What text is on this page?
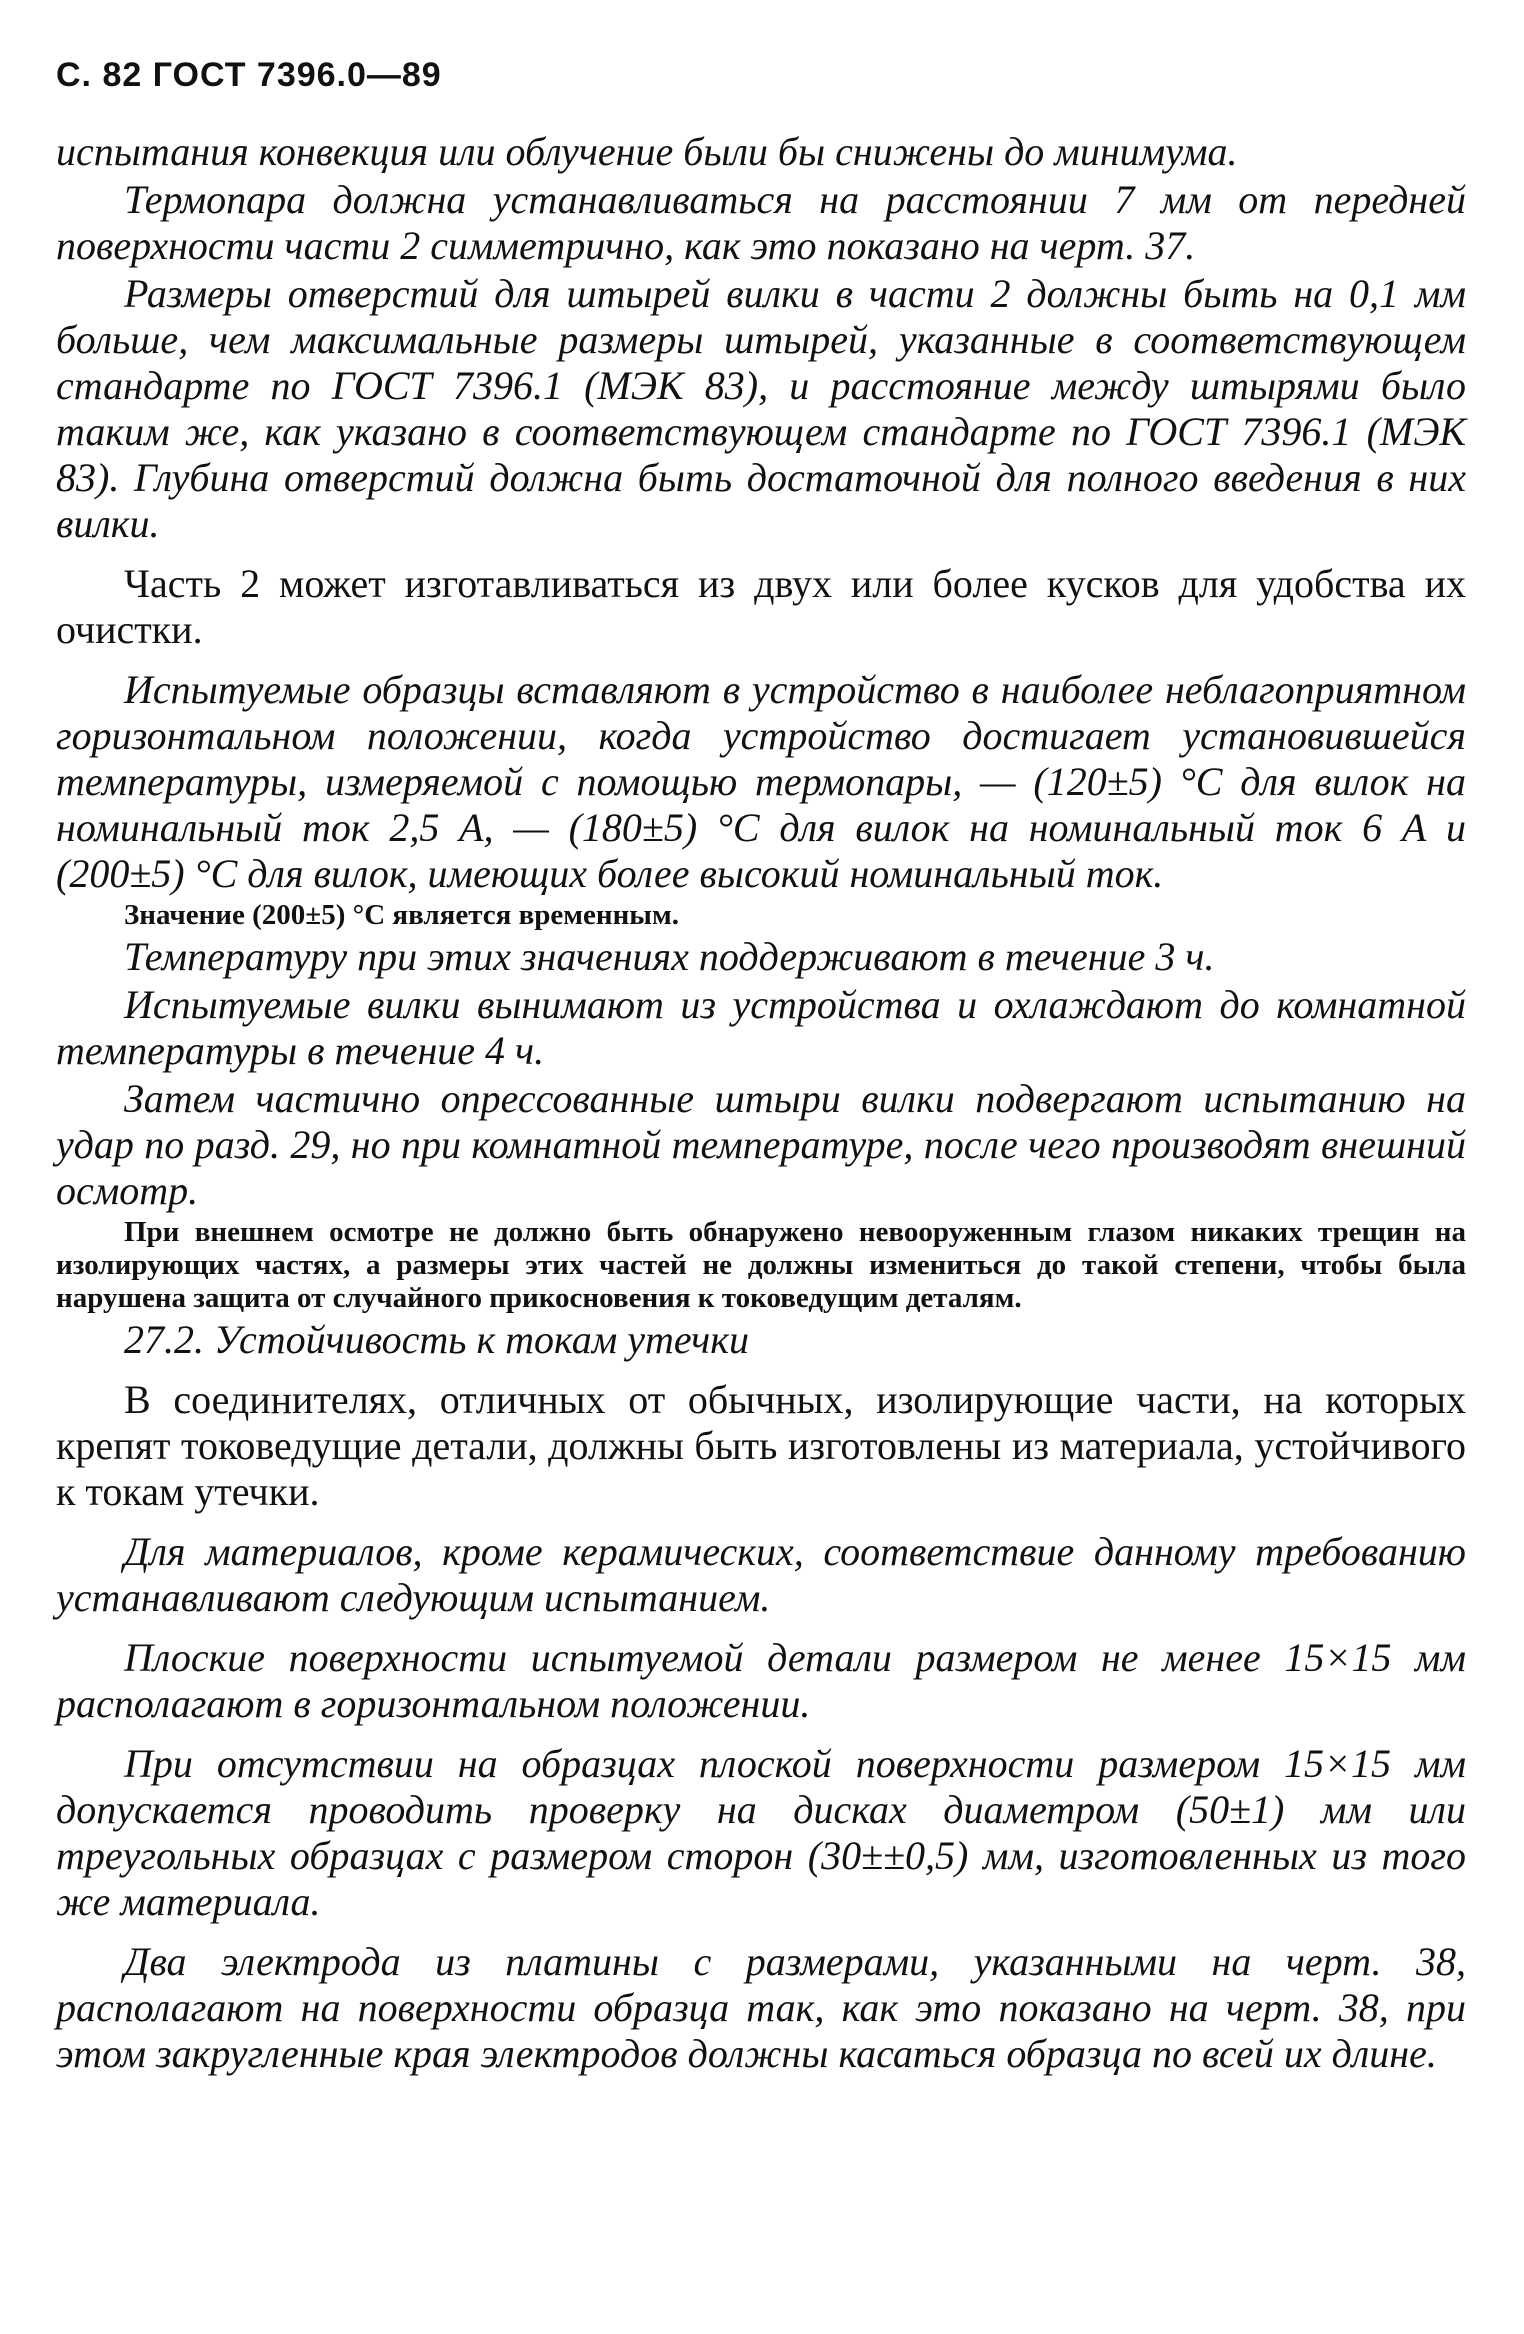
С. 82 ГОСТ 7396.0—89

испытания конвекция или облучение были бы снижены до минимума.

Термопара должна устанавливаться на расстоянии 7 мм от передней поверхности части 2 симметрично, как это показано на черт. 37.

Размеры отверстий для штырей вилки в части 2 должны быть на 0,1 мм больше, чем максимальные размеры штырей, указанные в соответствующем стандарте по ГОСТ 7396.1 (МЭК 83), и расстояние между штырями было таким же, как указано в соответствующем стандарте по ГОСТ 7396.1 (МЭК 83). Глубина отверстий должна быть достаточной для полного введения в них вилки.

Часть 2 может изготавливаться из двух или более кусков для удобства их очистки.

Испытуемые образцы вставляют в устройство в наиболее неблагоприятном горизонтальном положении, когда устройство достигает установившейся температуры, измеряемой с помощью термопары, — (120±5) °С для вилок на номинальный ток 2,5 А, — (180±5) °С для вилок на номинальный ток 6 А и (200±5) °С для вилок, имеющих более высокий номинальный ток.

Значение (200±5) °С является временным.

Температуру при этих значениях поддерживают в течение 3 ч.

Испытуемые вилки вынимают из устройства и охлаждают до комнатной температуры в течение 4 ч.

Затем частично опрессованные штыри вилки подвергают испытанию на удар по разд. 29, но при комнатной температуре, после чего производят внешний осмотр.

При внешнем осмотре не должно быть обнаружено невооруженным глазом никаких трещин на изолирующих частях, а размеры этих частей не должны измениться до такой степени, чтобы была нарушена защита от случайного прикосновения к токоведущим деталям.

27.2. Устойчивость к токам утечки

В соединителях, отличных от обычных, изолирующие части, на которых крепят токоведущие детали, должны быть изготовлены из материала, устойчивого к токам утечки.

Для материалов, кроме керамических, соответствие данному требованию устанавливают следующим испытанием.

Плоские поверхности испытуемой детали размером не менее 15×15 мм располагают в горизонтальном положении.

При отсутствии на образцах плоской поверхности размером 15×15 мм допускается проводить проверку на дисках диаметром (50±1) мм или треугольных образцах с размером сторон (30±±0,5) мм, изготовленных из того же материала.

Два электрода из платины с размерами, указанными на черт. 38, располагают на поверхности образца так, как это показано на черт. 38, при этом закругленные края электродов должны касаться образца по всей их длине.
